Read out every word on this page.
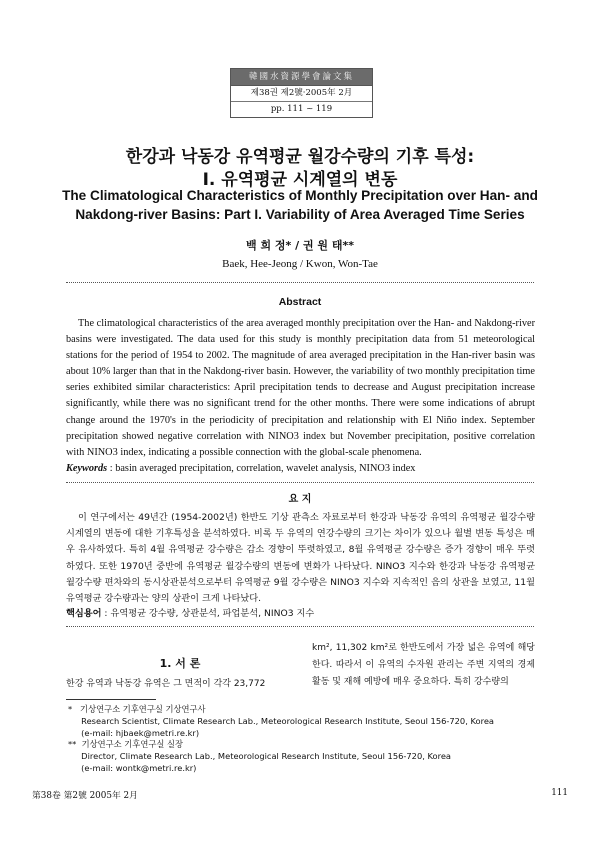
韓國水資源學會論文集
제38권 제2號·2005年 2月
pp. 111 ~ 119
한강과 낙동강 유역평균 월강수량의 기후 특성:
I. 유역평균 시계열의 변동
The Climatological Characteristics of Monthly Precipitation over Han- and
Nakdong-river Basins: Part I. Variability of Area Averaged Time Series
백 희 정* / 권 원 태**
Baek, Hee-Jeong / Kwon, Won-Tae
Abstract
The climatological characteristics of the area averaged monthly precipitation over the Han- and Nakdong-river basins were investigated. The data used for this study is monthly precipitation data from 51 meteorological stations for the period of 1954 to 2002. The magnitude of area averaged precipitation in the Han-river basin was about 10% larger than that in the Nakdong-river basin. However, the variability of two monthly precipitation time series exhibited similar characteristics: April precipitation tends to decrease and August precipitation increase significantly, while there was no significant trend for the other months. There were some indications of abrupt change around the 1970's in the periodicity of precipitation and relationship with El Niño index. September precipitation showed negative correlation with NINO3 index but November precipitation, positive correlation with NINO3 index, indicating a possible connection with the global-scale phenomena.
Keywords : basin averaged precipitation, correlation, wavelet analysis, NINO3 index
요 지
이 연구에서는 49년간 (1954-2002년) 한반도 기상 관측소 자료로부터 한강과 낙동강 유역의 유역평균 월강수량 시계열의 변동에 대한 기후특성을 분석하였다. 비록 두 유역의 연강수량의 크기는 차이가 있으나 월별 변동 특성은 매우 유사하였다. 특히 4월 유역평균 강수량은 감소 경향이 뚜렷하였고, 8월 유역평균 강수량은 증가 경향이 매우 뚜렷하였다. 또한 1970년 중반에 유역평균 월강수량의 변동에 변화가 나타났다. NINO3 지수와 한강과 낙동강 유역평균 월강수량 편차와의 동시상관분석으로부터 유역평균 9월 강수량은 NINO3 지수와 지속적인 음의 상관을 보였고, 11월 유역평균 강수량과는 양의 상관이 크게 나타났다.
핵심용어 : 유역평균 강수량, 상관분석, 파업분석, NINO3 지수
1. 서 론
한강 유역과 낙동강 유역은 그 면적이 각각 23,772
km², 11,302 km²로 한반도에서 가장 넓은 유역에 해당한다. 따라서 이 유역의 수자원 관리는 주변 지역의 경제활동 및 재해 예방에 매우 중요하다. 특히 강수량의
*   기상연구소 기후연구실 기상연구사
Research Scientist, Climate Research Lab., Meteorological Research Institute, Seoul 156-720, Korea
(e-mail: hjbaek@metri.re.kr)
**  기상연구소 기후연구실 실장
Director, Climate Research Lab., Meteorological Research Institute, Seoul 156-720, Korea
(e-mail: wontk@metri.re.kr)
第38卷 第2號 2005年 2月	111
